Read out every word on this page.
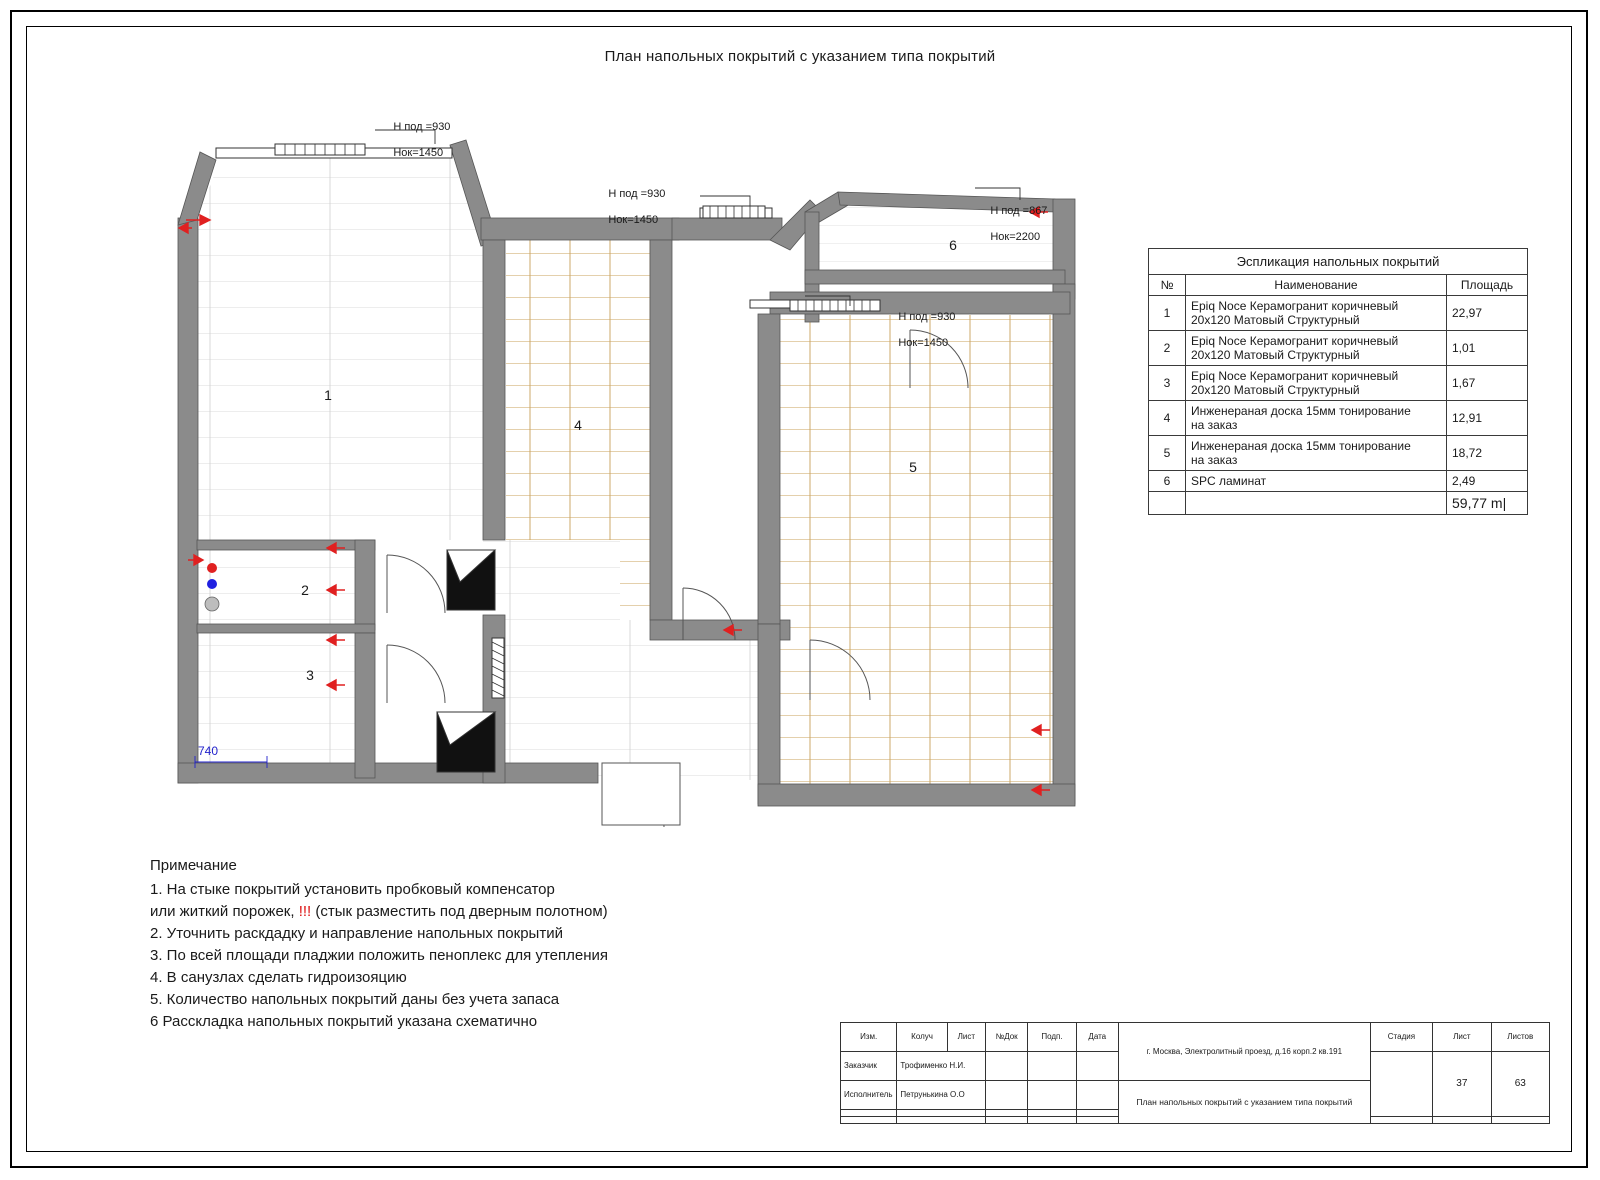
План напольных покрытий с указанием типа покрытий
1
2
3
4
5
6
740

H под =930

Hок=1450

H под =930

Hок=1450

H под =867

Hок=2200

H под =930

Hок=1450

Эспликация напольных покрытий		
№	Наименование	Площадь
1	Epiq Noce Керамогранит коричневый
20x120 Матовый Структурный	22,97
2	Epiq Noce Керамогранит коричневый
20x120 Матовый Структурный	1,01
3	Epiq Noce Керамогранит коричневый
20x120 Матовый Структурный	1,67
4	Инженераная доска 15мм тонирование
на заказ	12,91
5	Инженераная доска 15мм тонирование
на заказ	18,72
6	SPC ламинат	2,49
		59,77 m|
Примечание
1. На стыке покрытий установить пробковый компенсатор
или житкий порожек, !!! (стык разместить под дверным полотном)
2. Уточнить раскдадку и направление напольных покрытий
3. По всей площади пладжии положить пеноплекс для утепления
4. В санузлах сделать гидроизояцию
5. Количество напольных покрытий даны без учета запаса
6 Расскладка напольных покрытий указана схематично
Изм.	Колуч	Лист	№Док	Подп.	Дата	г. Москва, Электролитный проезд, д.16 корп.2 кв.191	Стадия	Лист	Листов
Заказчик	Трофименко Н.И.							37	63
Исполнитель	Петрунькина О.О					План напольных покрытий с указанием типа покрытий			
